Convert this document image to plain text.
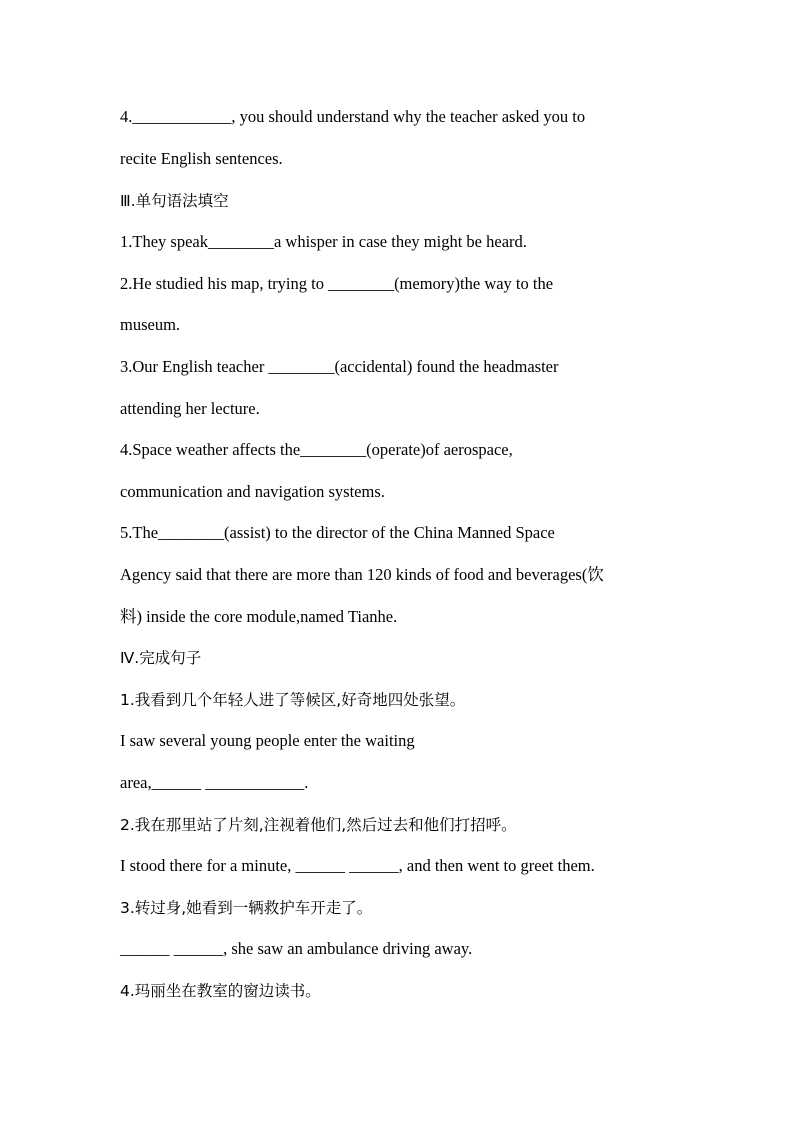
4.____________, you should understand why the teacher asked you to
recite English sentences.
Ⅲ.单句语法填空
1.They speak________a whisper in case they might be heard.
2.He studied his map, trying to ________(memory)the way to the
museum.
3.Our English teacher ________(accidental) found the headmaster
attending her lecture.
4.Space weather affects the________(operate)of aerospace,
communication and navigation systems.
5.The________(assist) to the director of the China Manned Space
Agency said that there are more than 120 kinds of food and beverages(饮
料) inside the core module,named Tianhe.
Ⅳ.完成句子
1.我看到几个年轻人进了等候区,好奇地四处张望。
I saw several young people enter the waiting
area,______ ____________.
2.我在那里站了片刻,注视着他们,然后过去和他们打招呼。
I stood there for a minute, ______ ______, and then went to greet them.
3.转过身,她看到一辆救护车开走了。
______ ______, she saw an ambulance driving away.
4.玛丽坐在教室的窗边读书。
